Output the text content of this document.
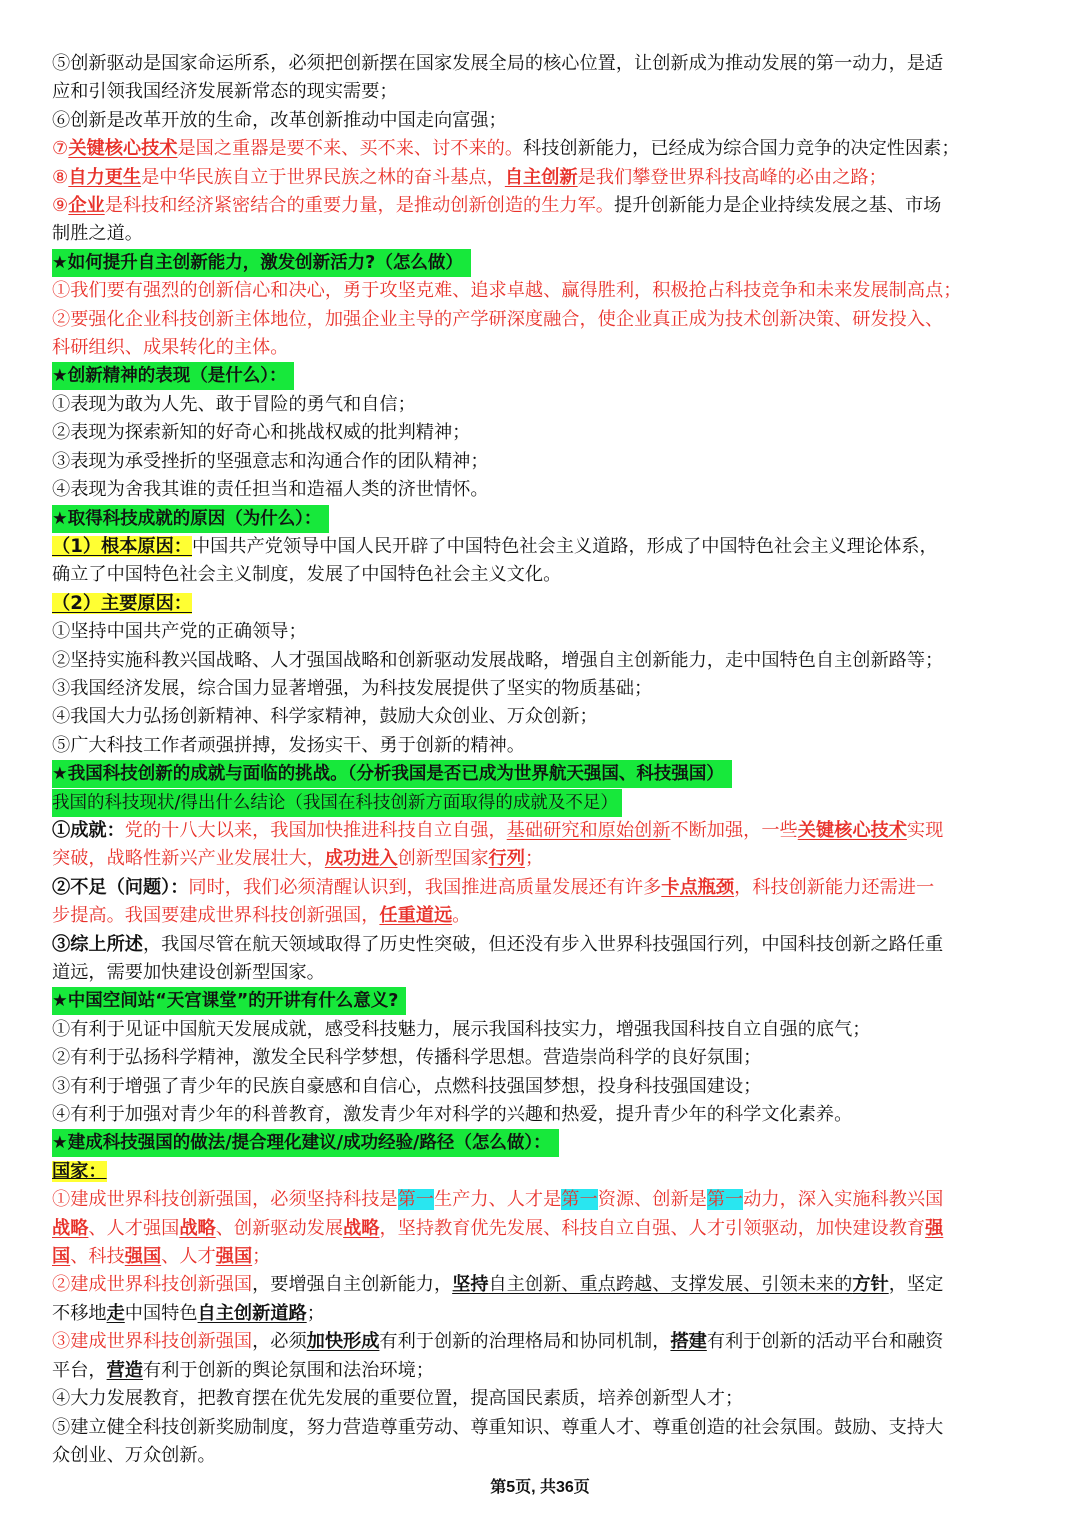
⑤创新驱动是国家命运所系，必须把创新摆在国家发展全局的核心位置，让创新成为推动发展的第一动力，是适
应和引领我国经济发展新常态的现实需要；
⑥创新是改革开放的生命，改革创新推动中国走向富强；
⑦关键核心技术是国之重器是要不来、买不来、讨不来的。科技创新能力，已经成为综合国力竞争的决定性因素；
⑧自力更生是中华民族自立于世界民族之林的奋斗基点，自主创新是我们攀登世界科技高峰的必由之路；
⑨企业是科技和经济紧密结合的重要力量，是推动创新创造的生力军。提升创新能力是企业持续发展之基、市场
制胜之道。
★如何提升自主创新能力，激发创新活力?（怎么做）
①我们要有强烈的创新信心和决心，勇于攻坚克难、追求卓越、赢得胜利，积极抢占科技竞争和未来发展制高点；
②要强化企业科技创新主体地位，加强企业主导的产学研深度融合，使企业真正成为技术创新决策、研发投入、
科研组织、成果转化的主体。
★创新精神的表现（是什么）：
①表现为敢为人先、敢于冒险的勇气和自信；
②表现为探索新知的好奇心和挑战权威的批判精神；
③表现为承受挫折的坚强意志和沟通合作的团队精神；
④表现为舍我其谁的责任担当和造福人类的济世情怀。
★取得科技成就的原因（为什么）：
（1）根本原因：中国共产党领导中国人民开辟了中国特色社会主义道路，形成了中国特色社会主义理论体系，
确立了中国特色社会主义制度，发展了中国特色社会主义文化。
（2）主要原因：
①坚持中国共产党的正确领导；
②坚持实施科教兴国战略、人才强国战略和创新驱动发展战略，增强自主创新能力，走中国特色自主创新路等；
③我国经济发展，综合国力显著增强，为科技发展提供了坚实的物质基础；
④我国大力弘扬创新精神、科学家精神，鼓励大众创业、万众创新；
⑤广大科技工作者顽强拼搏，发扬实干、勇于创新的精神。
★我国科技创新的成就与面临的挑战。（分析我国是否已成为世界航天强国、科技强国）
我国的科技现状/得出什么结论（我国在科技创新方面取得的成就及不足）
①成就：党的十八大以来，我国加快推进科技自立自强，基础研究和原始创新不断加强，一些关键核心技术实现
突破，战略性新兴产业发展壮大，成功进入创新型国家行列；
②不足（问题）：同时，我们必须清醒认识到，我国推进高质量发展还有许多卡点瓶颈，科技创新能力还需进一
步提高。我国要建成世界科技创新强国，任重道远。
③综上所述，我国尽管在航天领域取得了历史性突破，但还没有步入世界科技强国行列，中国科技创新之路任重
道远，需要加快建设创新型国家。
★中国空间站“天宫课堂”的开讲有什么意义?
①有利于见证中国航天发展成就，感受科技魅力，展示我国科技实力，增强我国科技自立自强的底气；
②有利于弘扬科学精神，激发全民科学梦想，传播科学思想。营造崇尚科学的良好氛围；
③有利于增强了青少年的民族自豪感和自信心，点燃科技强国梦想，投身科技强国建设；
④有利于加强对青少年的科普教育，激发青少年对科学的兴趣和热爱，提升青少年的科学文化素养。
★建成科技强国的做法/提合理化建议/成功经验/路径（怎么做）：
国家：
①建成世界科技创新强国，必须坚持科技是第一生产力、人才是第一资源、创新是第一动力，深入实施科教兴国
战略、人才强国战略、创新驱动发展战略，坚持教育优先发展、科技自立自强、人才引领驱动，加快建设教育强
国、科技强国、人才强国；
②建成世界科技创新强国，要增强自主创新能力，坚持自主创新、重点跨越、支撑发展、引领未来的方针，坚定
不移地走中国特色自主创新道路；
③建成世界科技创新强国，必须加快形成有利于创新的治理格局和协同机制，搭建有利于创新的活动平台和融资
平台，营造有利于创新的舆论氛围和法治环境；
④大力发展教育，把教育摆在优先发展的重要位置，提高国民素质，培养创新型人才；
⑤建立健全科技创新奖励制度，努力营造尊重劳动、尊重知识、尊重人才、尊重创造的社会氛围。鼓励、支持大
众创业、万众创新。
第5页, 共36页
